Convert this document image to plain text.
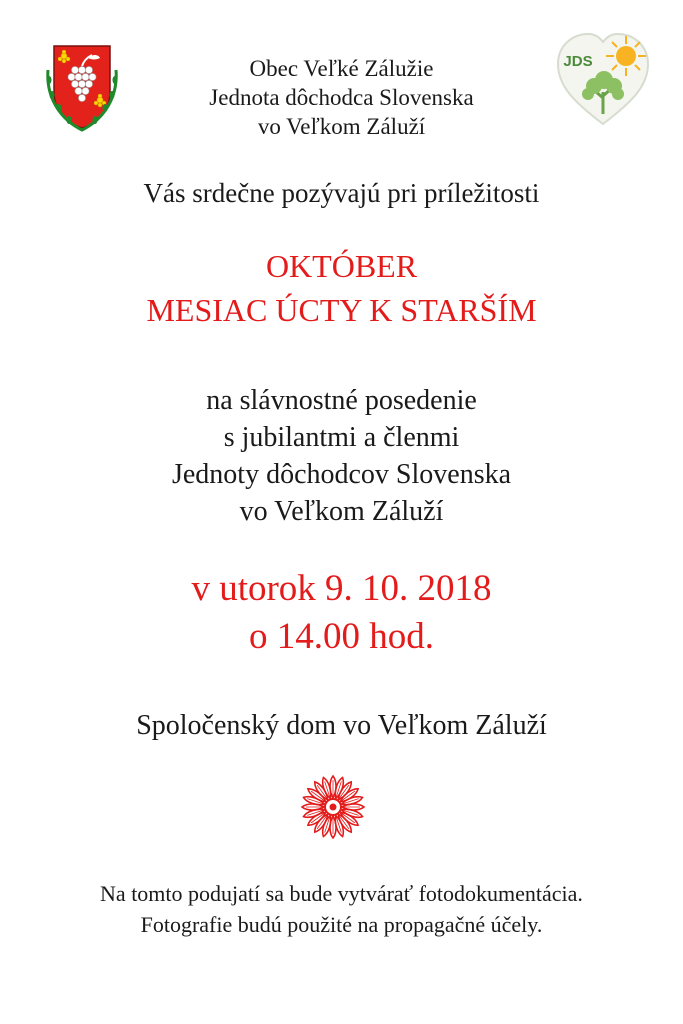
JDS
Obec Veľké Zálužie
Jednota dôchodca Slovenska
vo Veľkom Záluží
Vás srdečne pozývajú pri príležitosti
OKTÓBER
MESIAC ÚCTY K STARŠÍM
na slávnostné posedenie
s jubilantmi a členmi
Jednoty dôchodcov Slovenska
vo Veľkom Záluží
v utorok 9. 10. 2018
o 14.00 hod.
Spoločenský dom vo Veľkom Záluží
Na tomto podujatí sa bude vytvárať fotodokumentácia.
Fotografie budú použité na propagačné účely.
